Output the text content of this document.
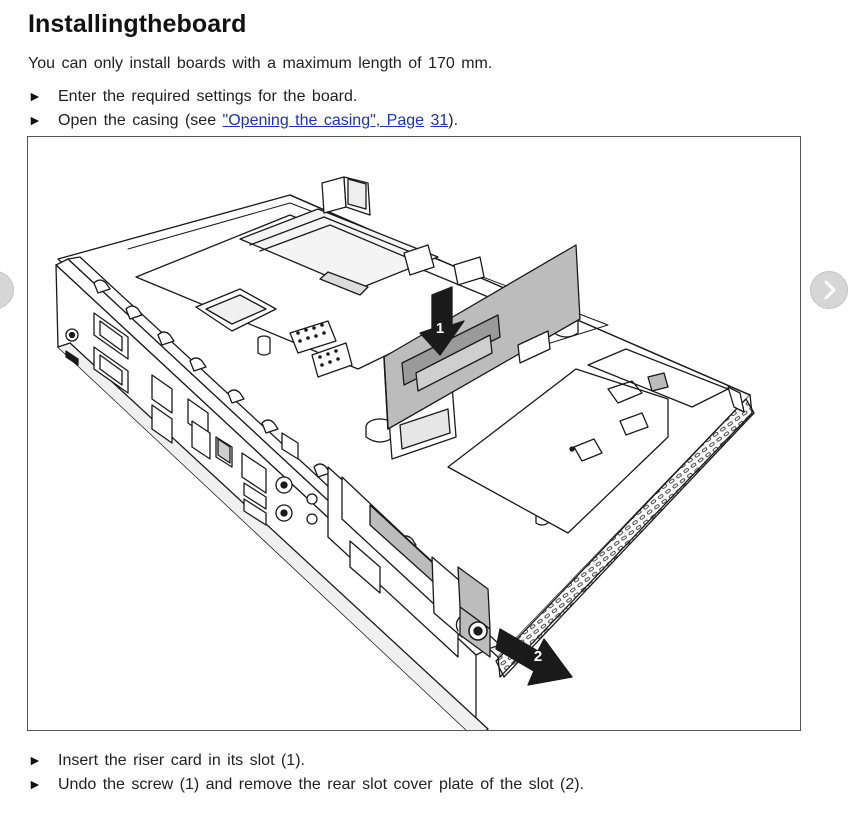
Installingtheboard
You can only install boards with a maximum length of 170 mm.
► Enter the required settings for the board.
► Open the casing (see "Opening the casing", Page 31).
1
2
► Insert the riser card in its slot (1).
► Undo the screw (1) and remove the rear slot cover plate of the slot (2).
